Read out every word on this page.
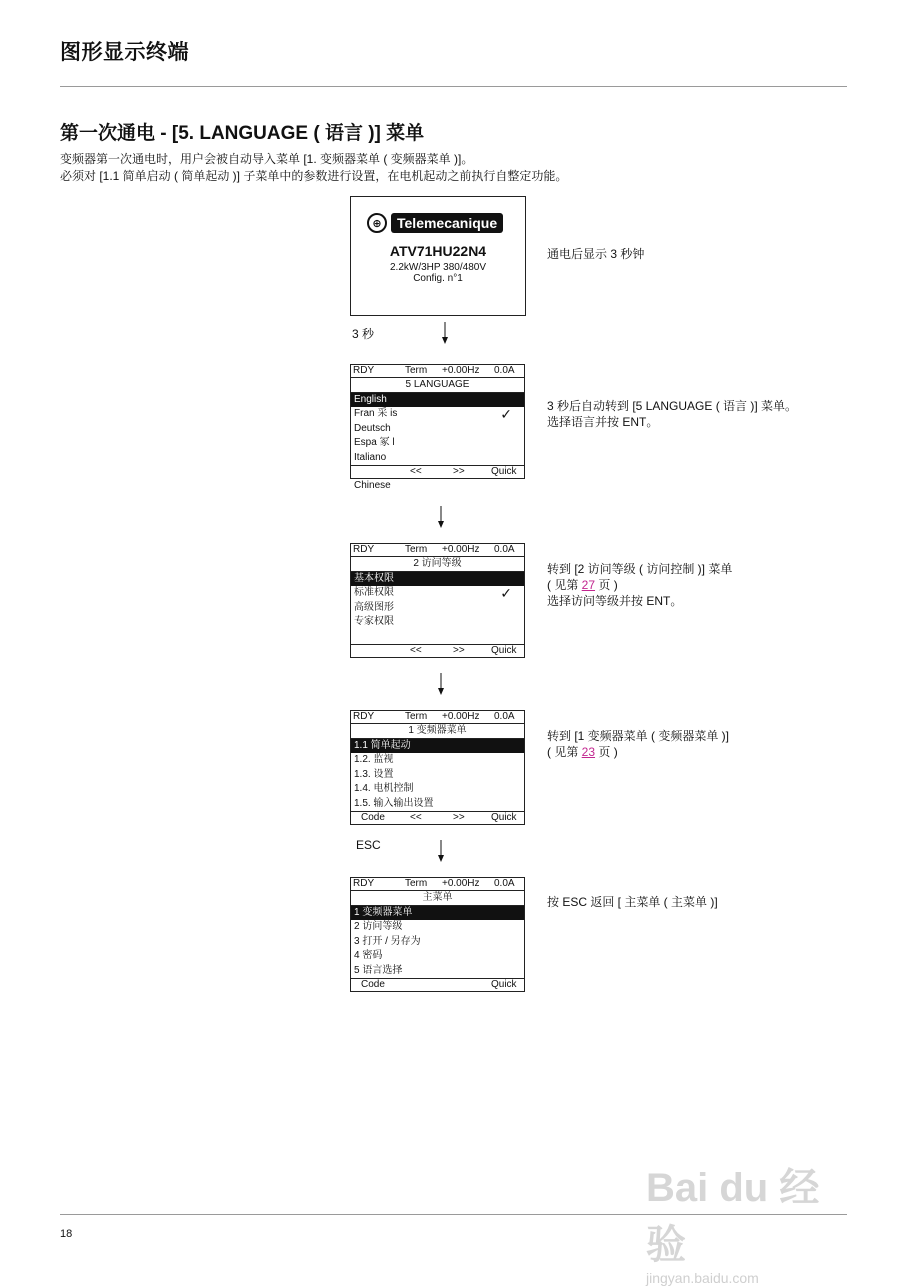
图形显示终端
第一次通电 - [5. LANGUAGE ( 语言 )] 菜单
变频器第一次通电时，用户会被自动导入菜单 [1. 变频器菜单 ( 变频器菜单 )]。
必须对 [1.1 简单启动 ( 简单起动 )] 子菜单中的参数进行设置，在电机起动之前执行自整定功能。
⊕	Telemecanique
ATV71HU22N4
2.2kW/3HP 380/480V
Config. n°1
通电后显示 3 秒钟
3 秒
RDY	Term +0.00Hz 0.0A
5 LANGUAGE
English
Fran 采 is	✓
Deutsch
Espa 冢 l
Italiano
<<	>>	Quick
Chinese
3 秒后自动转到 [5 LANGUAGE ( 语言 )] 菜单。
选择语言并按 ENT。
RDY	Term +0.00Hz 0.0A
2 访问等级
基本权限
标准权限	✓
高级图形
专家权限
<<	>>	Quick
转到 [2 访问等级 ( 访问控制 )] 菜单
( 见第 27 页 )
选择访问等级并按 ENT。
RDY	Term +0.00Hz 0.0A
1 变频器菜单
1.1 简单起动
1.2. 监视
1.3. 设置
1.4. 电机控制
1.5. 输入输出设置
Code	<<	>>	Quick
转到 [1 变频器菜单 ( 变频器菜单 )]
( 见第 23 页 )
ESC
RDY	Term +0.00Hz 0.0A
主菜单
1 变频器菜单
2 访问等级
3 打开 / 另存为
4 密码
5 语言选择
Code	Quick
按 ESC 返回 [ 主菜单 ( 主菜单 )]
18
Bai du 经验
jingyan.baidu.com
